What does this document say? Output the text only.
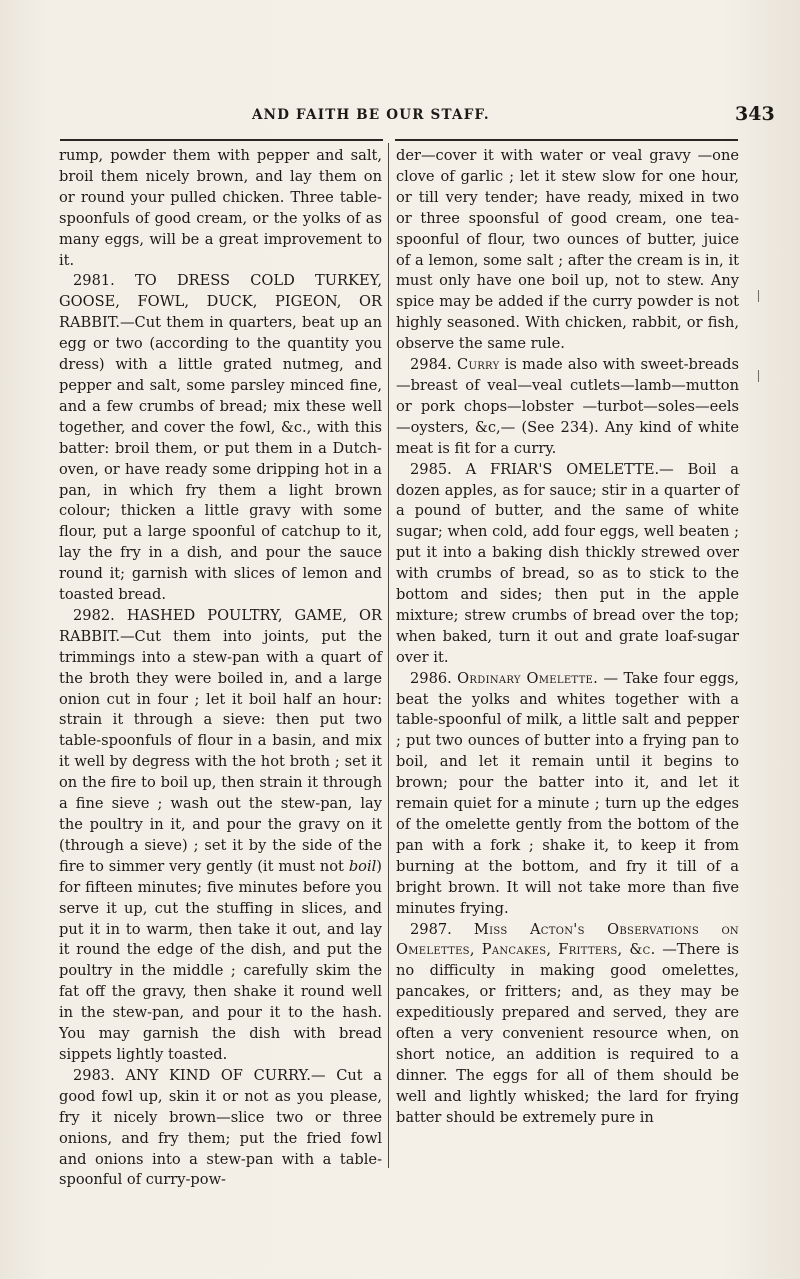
AND FAITH BE OUR STAFF.	343

rump, powder them with pepper and salt, broil them nicely brown, and lay them on or round your pulled chicken. Three table-spoonfuls of good cream, or the yolks of as many eggs, will be a great improvement to it.

2981. TO DRESS COLD TURKEY, GOOSE, FOWL, DUCK, PIGEON, OR RABBIT.—Cut them in quarters, beat up an egg or two (according to the quantity you dress) with a little grated nutmeg, and pepper and salt, some parsley minced fine, and a few crumbs of bread; mix these well together, and cover the fowl, &c., with this batter: broil them, or put them in a Dutch-oven, or have ready some dripping hot in a pan, in which fry them a light brown colour; thicken a little gravy with some flour, put a large spoonful of catchup to it, lay the fry in a dish, and pour the sauce round it; garnish with slices of lemon and toasted bread.

2982. HASHED POULTRY, GAME, OR RABBIT.—Cut them into joints, put the trimmings into a stew-pan with a quart of the broth they were boiled in, and a large onion cut in four ; let it boil half an hour: strain it through a sieve: then put two table-spoonfuls of flour in a basin, and mix it well by degress with the hot broth ; set it on the fire to boil up, then strain it through a fine sieve ; wash out the stew-pan, lay the poultry in it, and pour the gravy on it (through a sieve) ; set it by the side of the fire to simmer very gently (it must not boil) for fifteen minutes; five minutes before you serve it up, cut the stuffing in slices, and put it in to warm, then take it out, and lay it round the edge of the dish, and put the poultry in the middle ; carefully skim the fat off the gravy, then shake it round well in the stew-pan, and pour it to the hash. You may garnish the dish with bread sippets lightly toasted.

2983. ANY KIND OF CURRY.— Cut a good fowl up, skin it or not as you please, fry it nicely brown—slice two or three onions, and fry them; put the fried fowl and onions into a stew-pan with a table-spoonful of curry-pow-

der—cover it with water or veal gravy —one clove of garlic ; let it stew slow for one hour, or till very tender; have ready, mixed in two or three spoonsful of good cream, one tea-spoonful of flour, two ounces of butter, juice of a lemon, some salt ; after the cream is in, it must only have one boil up, not to stew. Any spice may be added if the curry powder is not highly seasoned. With chicken, rabbit, or fish, observe the same rule.

2984. Curry is made also with sweet-breads—breast of veal—veal cutlets—lamb—mutton or pork chops—lobster —turbot—soles—eels—oysters, &c,— (See 234). Any kind of white meat is fit for a curry.

2985. A FRIAR'S OMELETTE.— Boil a dozen apples, as for sauce; stir in a quarter of a pound of butter, and the same of white sugar; when cold, add four eggs, well beaten ; put it into a baking dish thickly strewed over with crumbs of bread, so as to stick to the bottom and sides; then put in the apple mixture; strew crumbs of bread over the top; when baked, turn it out and grate loaf-sugar over it.

2986. Ordinary Omelette. — Take four eggs, beat the yolks and whites together with a table-spoonful of milk, a little salt and pepper ; put two ounces of butter into a frying pan to boil, and let it remain until it begins to brown; pour the batter into it, and let it remain quiet for a minute ; turn up the edges of the omelette gently from the bottom of the pan with a fork ; shake it, to keep it from burning at the bottom, and fry it till of a bright brown. It will not take more than five minutes frying.

2987. Miss Acton's Observations on Omelettes, Pancakes, Fritters, &c. —There is no difficulty in making good omelettes, pancakes, or fritters; and, as they may be expeditiously prepared and served, they are often a very convenient resource when, on short notice, an addition is required to a dinner. The eggs for all of them should be well and lightly whisked; the lard for frying batter should be extremely pure in
